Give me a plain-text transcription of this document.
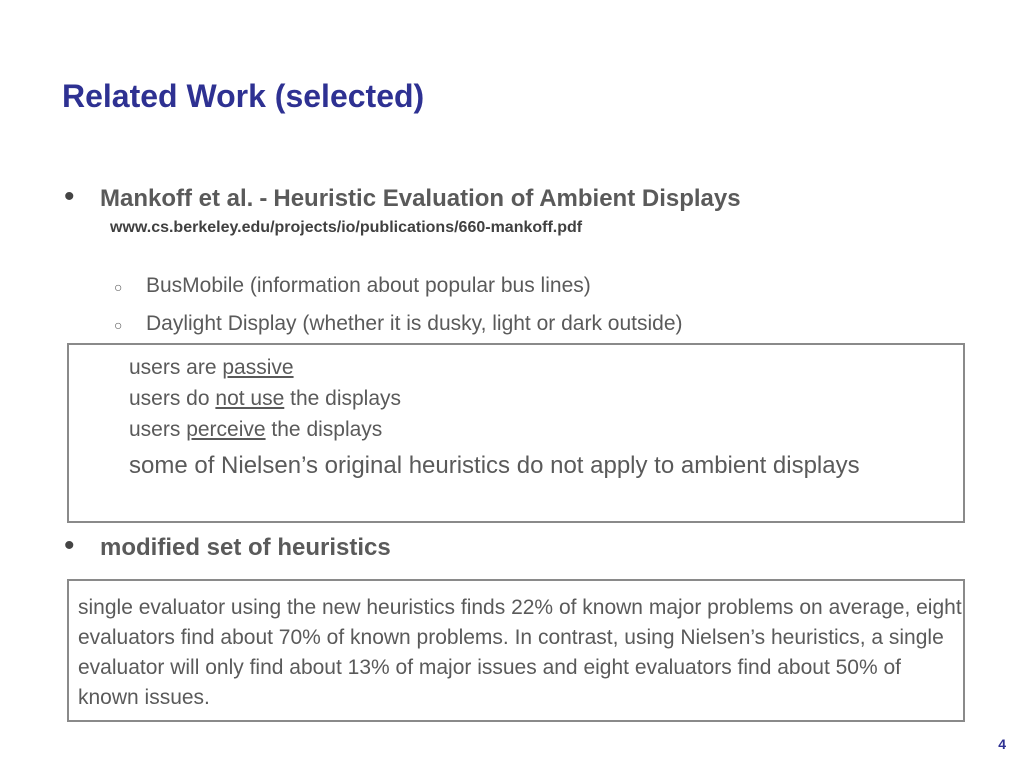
Related Work (selected)
•	Mankoff et al. - Heuristic Evaluation of Ambient Displays
www.cs.berkeley.edu/projects/io/publications/660-mankoff.pdf
○	BusMobile (information about popular bus lines)
○	Daylight Display (whether it is dusky, light or dark outside)
users are passive
users do not use the displays
users perceive the displays
some of Nielsen’s original heuristics do not apply to ambient displays
•	modified set of heuristics
single evaluator using the new heuristics finds 22% of known major problems on average, eight evaluators find about 70% of known problems. In contrast, using Nielsen’s heuristics, a single evaluator will only find about 13% of major issues and eight evaluators find about 50% of known issues.
4
